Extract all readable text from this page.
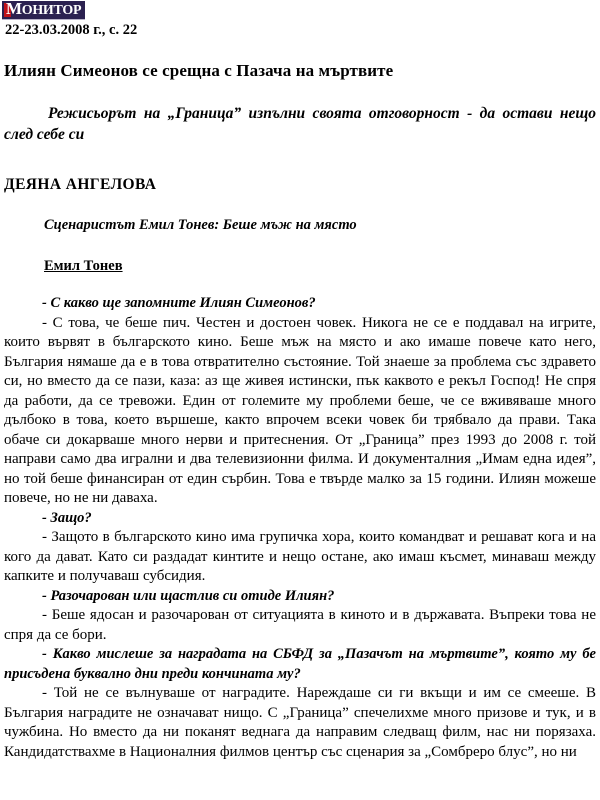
МОНИТОР
22-23.03.2008 г., с. 22
Илиян Симеонов се срещна с Пазача на мъртвите

Режисьорът на „Граница” изпълни своята отговорност - да остави нещо след себе си

ДЕЯНА АНГЕЛОВА
Сценаристът Емил Тонев: Беше мъж на място
Емил Тонев

- С какво ще запомните Илиян Симеонов?

- С това, че беше пич. Честен и достоен човек. Никога не се е поддавал на игрите, които вървят в българското кино. Беше мъж на място и ако имаше повече като него, България нямаше да е в това отвратително състояние. Той знаеше за проблема със здравето си, но вместо да се пази, каза: аз ще живея истински, пък каквото е рекъл Господ! Не спря да работи, да се тревожи. Един от големите му проблеми беше, че се вживяваше много дълбоко в това, което вършеше, както впрочем всеки човек би трябвало да прави. Така обаче си докарваше много нерви и притеснения. От „Граница” през 1993 до 2008 г. той направи само два игрални и два телевизионни филма. И документалния „Имам една идея”, но той беше финансиран от един сърбин. Това е твърде малко за 15 години. Илиян можеше повече, но не ни даваха.

- Защо?

- Защото в българското кино има групичка хора, които командват и решават кога и на кого да дават. Като си раздадат кинтите и нещо остане, ако имаш късмет, минаваш между капките и получаваш субсидия.

- Разочарован или щастлив си отиде Илиян?

- Беше ядосан и разочарован от ситуацията в киното и в държавата. Въпреки това не спря да се бори.

- Какво мислеше за наградата на СБФД за „Пазачът на мъртвите”, която му бе присъдена буквално дни преди кончината му?

- Той не се вълнуваше от наградите. Нареждаше си ги вкъщи и им се смееше. В България наградите не означават нищо. С „Граница” спечелихме много призове и тук, и в чужбина. Но вместо да ни поканят веднага да направим следващ филм, нас ни порязаха. Кандидатствахме в Националния филмов център със сценария за „Сомбреро блус”, но ни
